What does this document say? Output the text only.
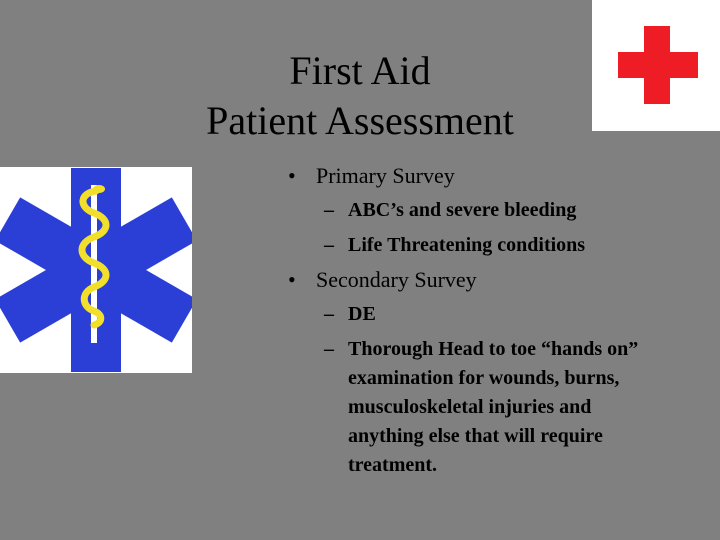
First Aid
Patient Assessment
• Primary Survey
– ABC’s and severe bleeding
– Life Threatening conditions
• Secondary Survey
– DE
– Thorough Head to toe “hands on” examination for wounds, burns, musculoskeletal injuries and anything else that will require treatment.
